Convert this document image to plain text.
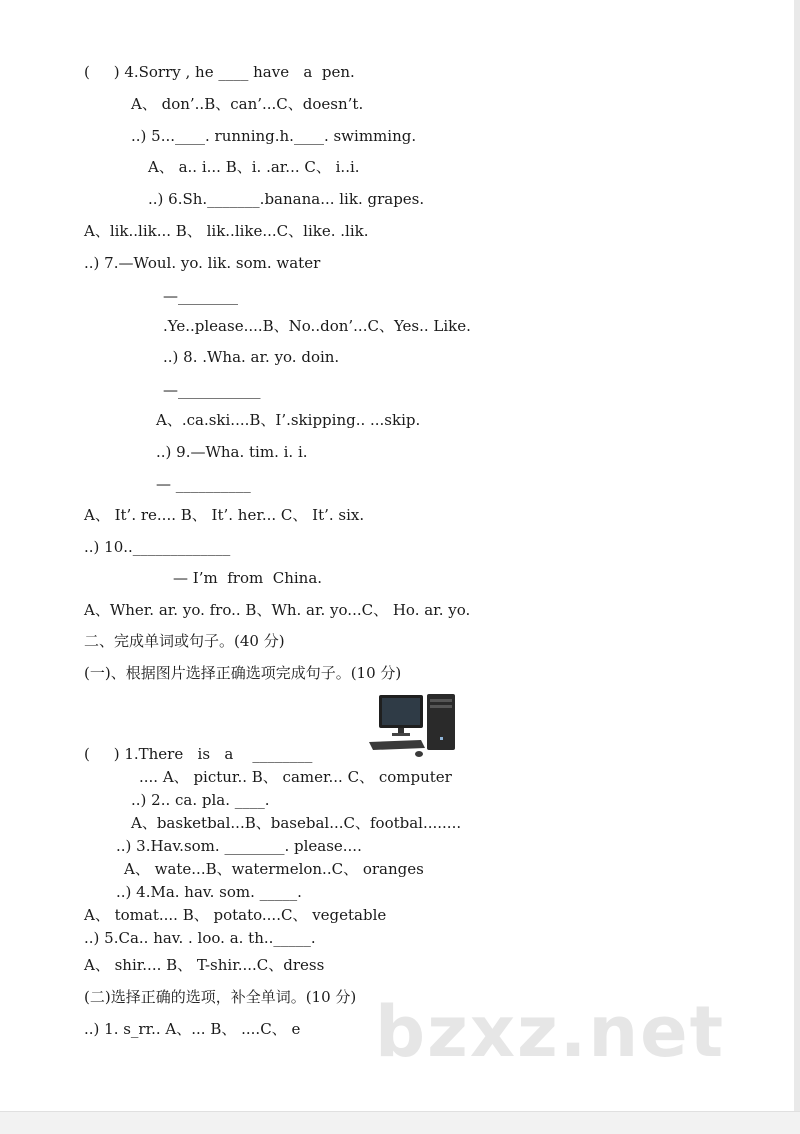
(     ) 4.Sorry , he ____ have   a  pen.
A、 don’..B、can’...C、doesn’t.
..) 5...____. running.h.____. swimming.
A、 a.. i... B、i. .ar... C、 i..i.
..) 6.Sh._______.banana... lik. grapes.
A、lik..lik... B、 lik..like...C、like. .lik.
..) 7.—Woul. yo. lik. som. water
—________
.Ye..please....B、No..don’...C、Yes.. Like.
..) 8. .Wha. ar. yo. doin.
—___________
A、.ca.ski....B、I’.skipping.. ...skip.
..) 9.—Wha. tim. i. i.
— __________
A、 It’. re.... B、 It’. her... C、 It’. six.
..) 10.._____________
— I’m  from  China.
A、Wher. ar. yo. fro.. B、Wh. ar. yo...C、 Ho. ar. yo.
二、完成单词或句子。(40 分)
(一)、根据图片选择正确选项完成句子。(10 分)
(     ) 1.There   is   a    ________
.... A、 pictur.. B、 camer... C、 computer
..) 2.. ca. pla. ____.
A、basketbal...B、basebal...C、footbal........
..) 3.Hav.som. ________. please....
A、 wate...B、watermelon..C、 oranges
..) 4.Ma. hav. som. _____.
A、 tomat.... B、 potato....C、 vegetable
..) 5.Ca.. hav. . loo. a. th.._____.
A、 shir.... B、 T-shir....C、dress
(二)选择正确的选项，补全单词。(10 分)
..) 1. s_rr.. A、... B、 ....C、 e bzxz.net
